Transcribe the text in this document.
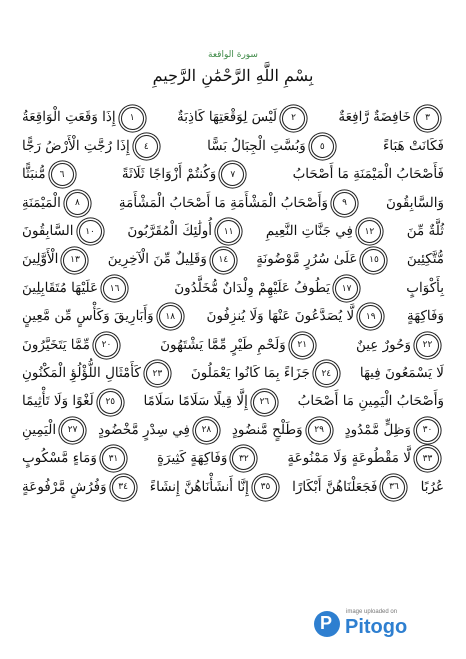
سورة الواقعة
بِسْمِ اللَّهِ الرَّحْمَٰنِ الرَّحِيمِ
إِذَا وَقَعَتِ الْوَاقِعَةُ	١	لَيْسَ لِوَقْعَتِهَا كَاذِبَةٌ	٢	خَافِضَةٌ رَّافِعَةٌ	٣
إِذَا رُجَّتِ الْأَرْضُ رَجًّا	٤	وَبُسَّتِ الْجِبَالُ بَسًّا	٥	فَكَانَتْ هَبَاءً
مُّنبَثًّا	٦	وَكُنتُمْ أَزْوَاجًا ثَلَاثَةً	٧	فَأَصْحَابُ الْمَيْمَنَةِ مَا أَصْحَابُ
الْمَيْمَنَةِ	٨	وَأَصْحَابُ الْمَشْأَمَةِ مَا أَصْحَابُ الْمَشْأَمَةِ	٩	وَالسَّابِقُونَ
السَّابِقُونَ	١٠	أُولَٰئِكَ الْمُقَرَّبُونَ	١١	فِي جَنَّاتِ النَّعِيمِ	١٢	ثُلَّةٌ مِّنَ
الْأَوَّلِينَ	١٣	وَقَلِيلٌ مِّنَ الْآخِرِينَ	١٤	عَلَىٰ سُرُرٍ مَّوْضُونَةٍ	١٥	مُّتَّكِئِينَ
عَلَيْهَا مُتَقَابِلِينَ	١٦	يَطُوفُ عَلَيْهِمْ وِلْدَانٌ مُّخَلَّدُونَ	١٧	بِأَكْوَابٍ
وَأَبَارِيقَ وَكَأْسٍ مِّن مَّعِينٍ	١٨	لَّا يُصَدَّعُونَ عَنْهَا وَلَا يُنزِفُونَ	١٩	وَفَاكِهَةٍ
مِّمَّا يَتَخَيَّرُونَ	٢٠	وَلَحْمِ طَيْرٍ مِّمَّا يَشْتَهُونَ	٢١	وَحُورٌ عِينٌ	٢٢
كَأَمْثَالِ اللُّؤْلُؤِ الْمَكْنُونِ	٢٣	جَزَاءً بِمَا كَانُوا يَعْمَلُونَ	٢٤	لَا يَسْمَعُونَ فِيهَا
لَغْوًا وَلَا تَأْثِيمًا	٢٥	إِلَّا قِيلًا سَلَامًا سَلَامًا	٢٦	وَأَصْحَابُ الْيَمِينِ مَا أَصْحَابُ
الْيَمِينِ	٢٧	فِي سِدْرٍ مَّخْضُودٍ	٢٨	وَطَلْحٍ مَّنضُودٍ	٢٩	وَظِلٍّ مَّمْدُودٍ	٣٠
وَمَاءٍ مَّسْكُوبٍ	٣١	وَفَاكِهَةٍ كَثِيرَةٍ	٣٢	لَّا مَقْطُوعَةٍ وَلَا مَمْنُوعَةٍ	٣٣
وَفُرُشٍ مَّرْفُوعَةٍ	٣٤	إِنَّا أَنشَأْنَاهُنَّ إِنشَاءً	٣٥	فَجَعَلْنَاهُنَّ أَبْكَارًا	٣٦	عُرُبًا
P
image uploaded on
Pitogo
